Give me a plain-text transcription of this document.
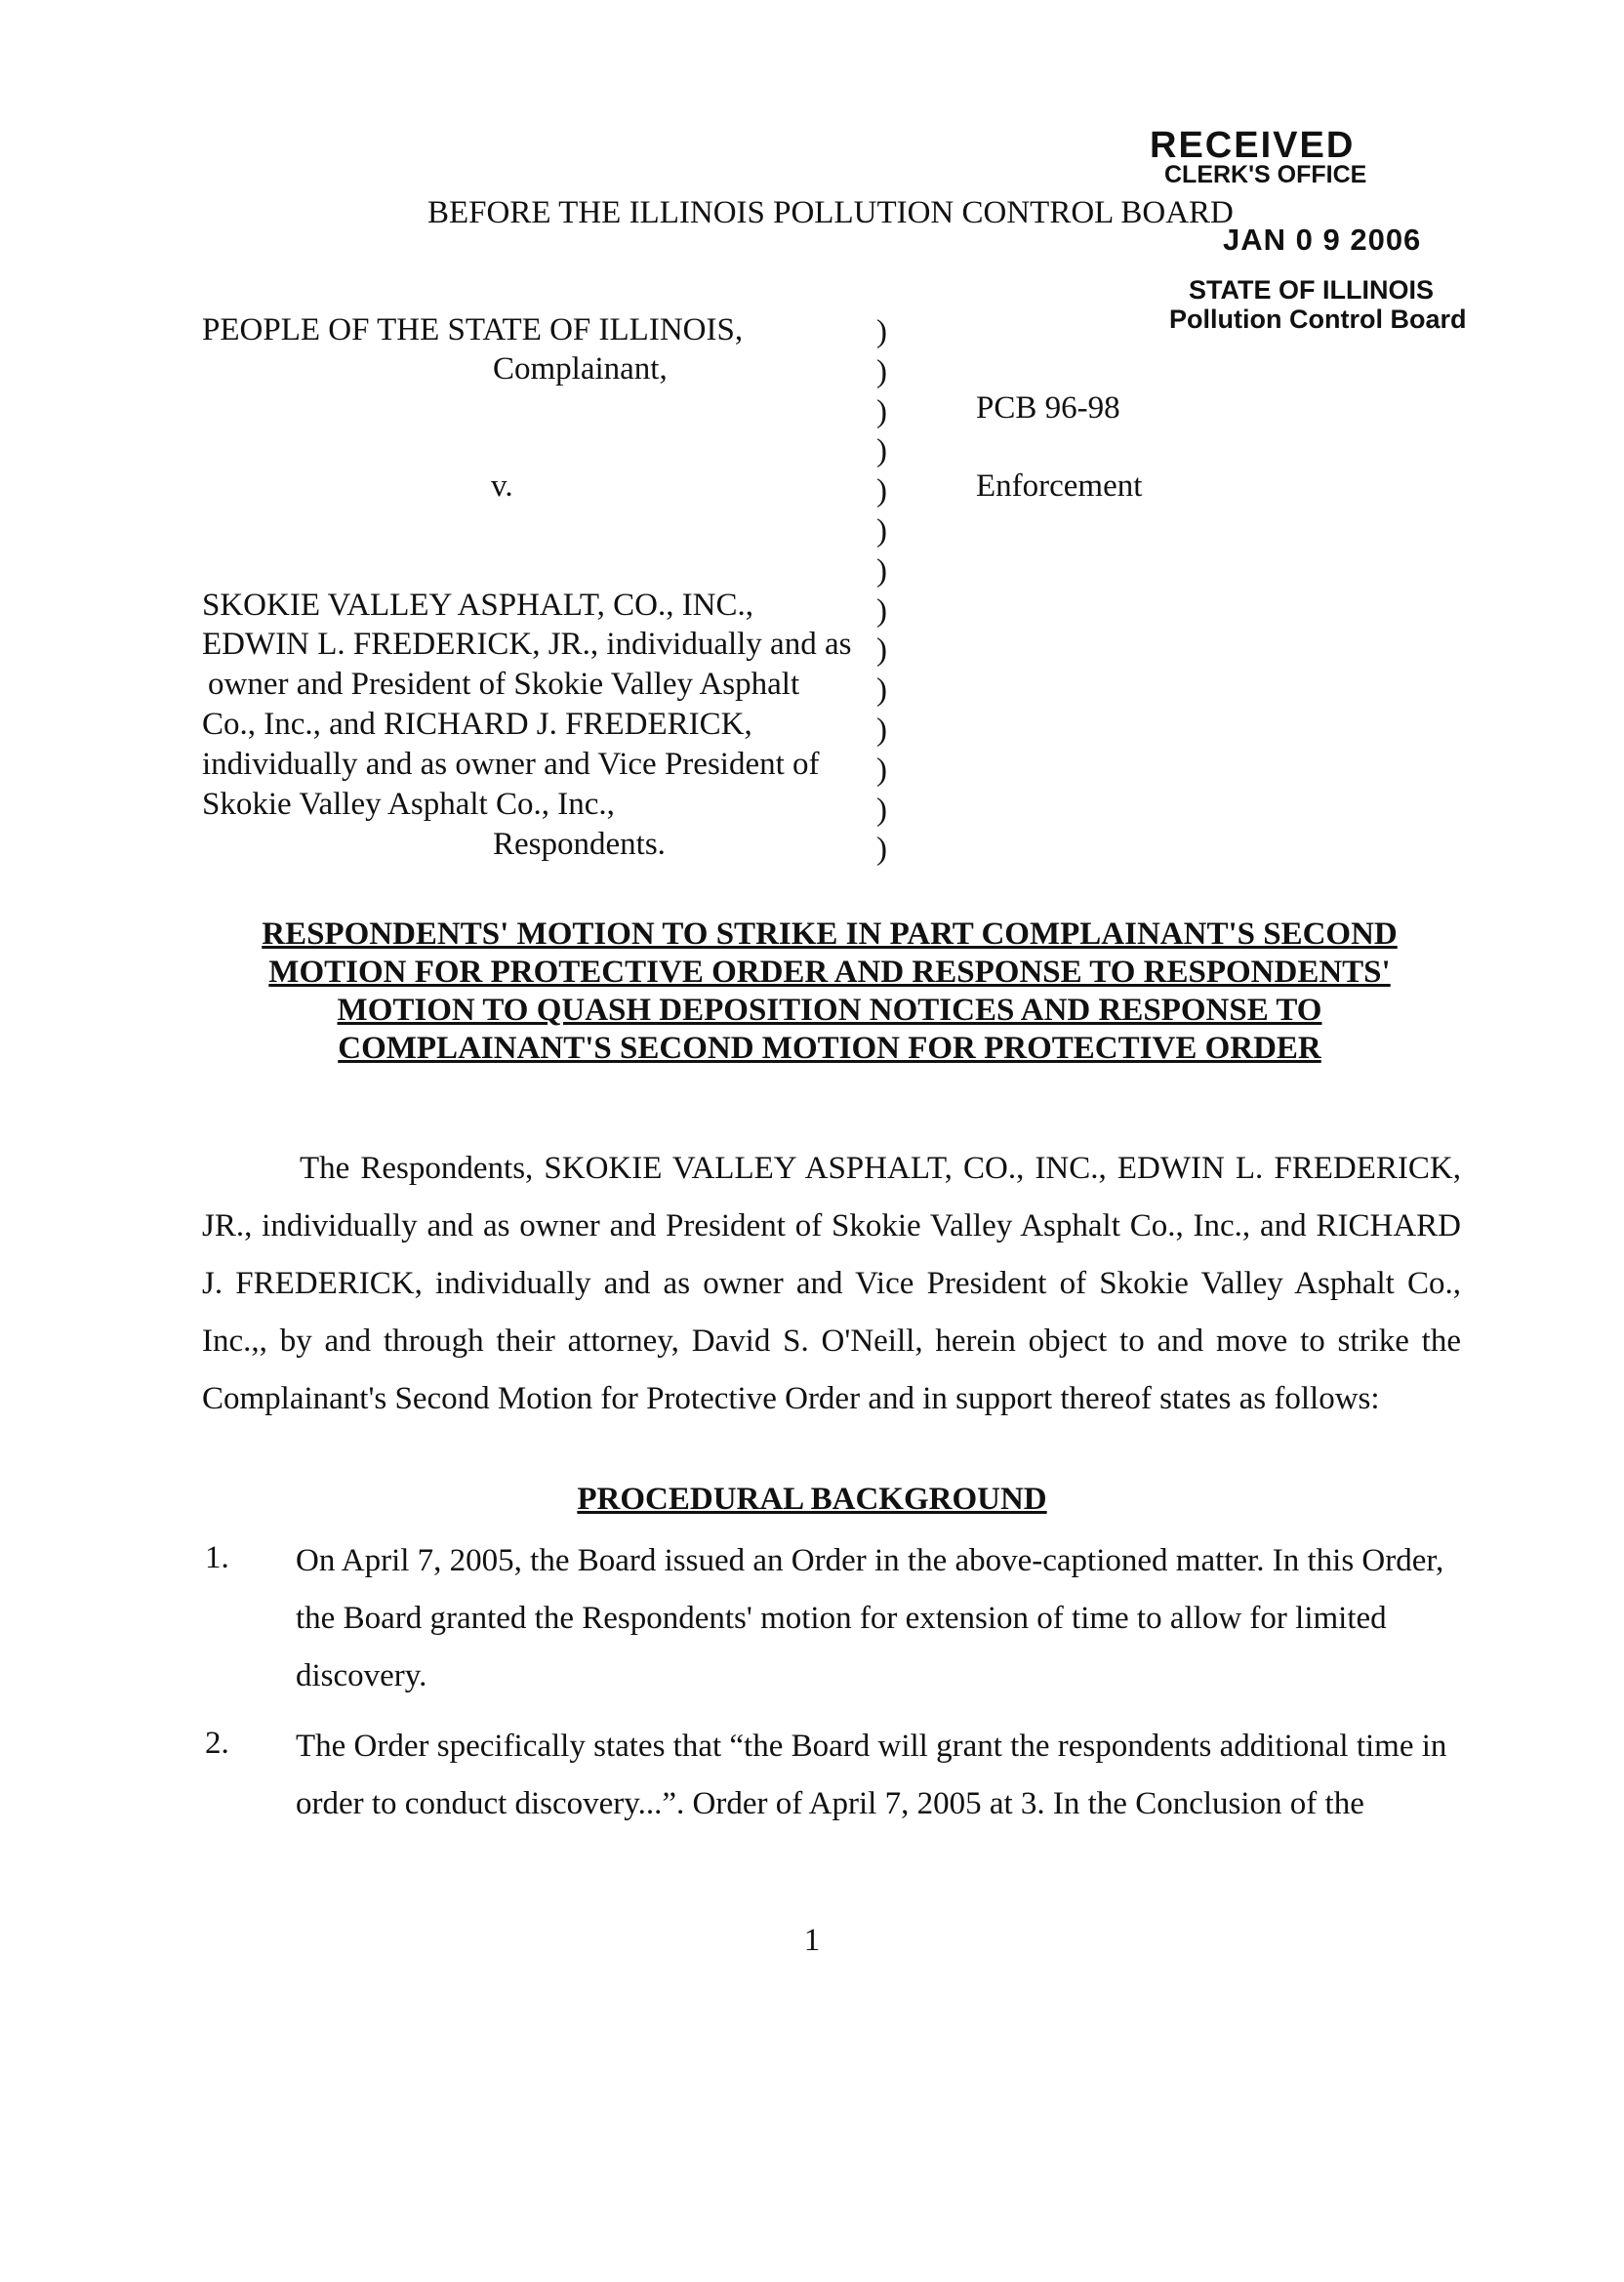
RECEIVED
CLERK'S OFFICE
JAN 0 9 2006
STATE OF ILLINOIS
Pollution Control Board
BEFORE THE ILLINOIS POLLUTION CONTROL BOARD
PEOPLE OF THE STATE OF ILLINOIS,
Complainant,
v.
SKOKIE VALLEY ASPHALT, CO., INC.,
EDWIN L. FREDERICK, JR., individually and as
owner and President of Skokie Valley Asphalt
Co., Inc., and RICHARD J. FREDERICK,
individually and as owner and Vice President of
Skokie Valley Asphalt Co., Inc.,
Respondents.
)
)
)
)
)
)
)
)
)
)
)
)
)
)
PCB 96-98
Enforcement
RESPONDENTS' MOTION TO STRIKE IN PART COMPLAINANT'S SECOND
MOTION FOR PROTECTIVE ORDER AND RESPONSE TO RESPONDENTS'
MOTION TO QUASH DEPOSITION NOTICES AND RESPONSE TO
COMPLAINANT'S SECOND MOTION FOR PROTECTIVE ORDER
The Respondents, SKOKIE VALLEY ASPHALT, CO., INC., EDWIN L. FREDERICK, JR., individually and as owner and President of Skokie Valley Asphalt Co., Inc., and RICHARD J. FREDERICK, individually and as owner and Vice President of Skokie Valley Asphalt Co., Inc.,, by and through their attorney, David S. O'Neill, herein object to and move to strike the Complainant's Second Motion for Protective Order and in support thereof states as follows:
PROCEDURAL BACKGROUND
1. On April 7, 2005, the Board issued an Order in the above-captioned matter. In this Order, the Board granted the Respondents' motion for extension of time to allow for limited discovery.
2. The Order specifically states that “the Board will grant the respondents additional time in order to conduct discovery...”. Order of April 7, 2005 at 3. In the Conclusion of the
1
